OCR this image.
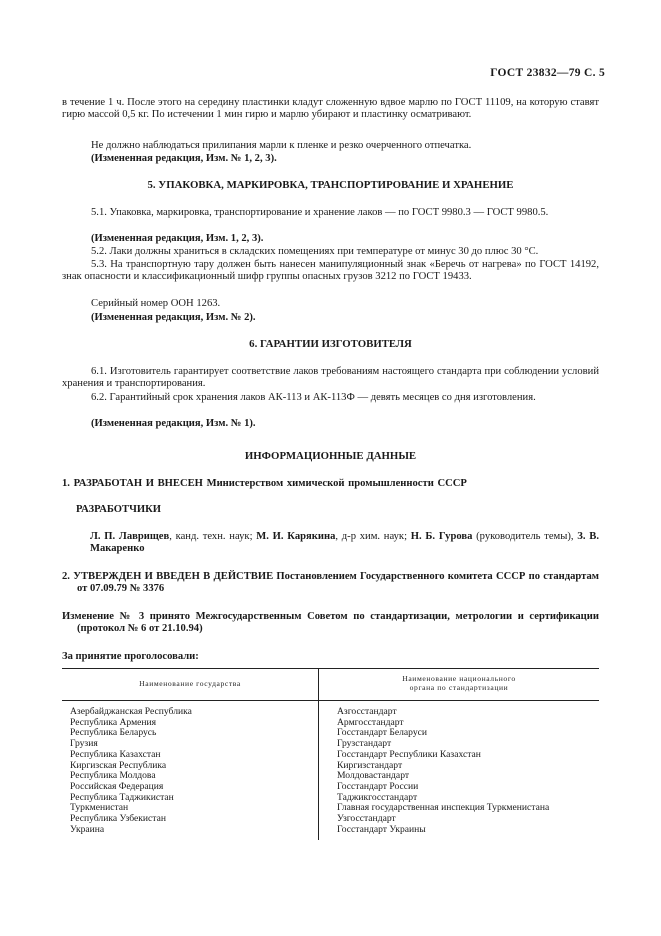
ГОСТ 23832—79 С. 5
в течение 1 ч. После этого на середину пластинки кладут сложенную вдвое марлю по ГОСТ 11109, на которую ставят гирю массой 0,5 кг. По истечении 1 мин гирю и марлю убирают и пластинку осматривают.
Не должно наблюдаться прилипания марли к пленке и резко очерченного отпечатка.
(Измененная редакция, Изм. № 1, 2, 3).
5. УПАКОВКА, МАРКИРОВКА, ТРАНСПОРТИРОВАНИЕ И ХРАНЕНИЕ
5.1. Упаковка, маркировка, транспортирование и хранение лаков — по ГОСТ 9980.3 — ГОСТ 9980.5.
(Измененная редакция, Изм. 1, 2, 3).
5.2. Лаки должны храниться в складских помещениях при температуре от минус 30 до плюс 30 °С.
5.3. На транспортную тару должен быть нанесен манипуляционный знак «Беречь от нагрева» по ГОСТ 14192, знак опасности и классификационный шифр группы опасных грузов 3212 по ГОСТ 19433.
Серийный номер ООН 1263.
(Измененная редакция, Изм. № 2).
6. ГАРАНТИИ ИЗГОТОВИТЕЛЯ
6.1. Изготовитель гарантирует соответствие лаков требованиям настоящего стандарта при соблюдении условий хранения и транспортирования.
6.2. Гарантийный срок хранения лаков АК-113 и АК-113Ф — девять месяцев со дня изготовления.
(Измененная редакция, Изм. № 1).
ИНФОРМАЦИОННЫЕ ДАННЫЕ
1. РАЗРАБОТАН И ВНЕСЕН Министерством химической промышленности СССР
РАЗРАБОТЧИКИ
Л. П. Лаврищев, канд. техн. наук; М. И. Карякина, д-р хим. наук; Н. Б. Гурова (руководитель темы), З. В. Макаренко
2. УТВЕРЖДЕН И ВВЕДЕН В ДЕЙСТВИЕ Постановлением Государственного комитета СССР по стандартам от 07.09.79 № 3376
Изменение № 3 принято Межгосударственным Советом по стандартизации, метрологии и сертификации (протокол № 6 от 21.10.94)
За принятие проголосовали:
Наименование государства
Наименование национального
органа по стандартизации
Азербайджанская Республика
Республика Армения
Республика Беларусь
Грузия
Республика Казахстан
Киргизская Республика
Республика Молдова
Российская Федерация
Республика Таджикистан
Туркменистан
Республика Узбекистан
Украина
Азгосстандарт
Армгосстандарт
Госстандарт Беларуси
Грузстандарт
Госстандарт Республики Казахстан
Киргизстандарт
Молдовастандарт
Госстандарт России
Таджикгосстандарт
Главная государственная инспекция Туркменистана
Узгосстандарт
Госстандарт Украины
